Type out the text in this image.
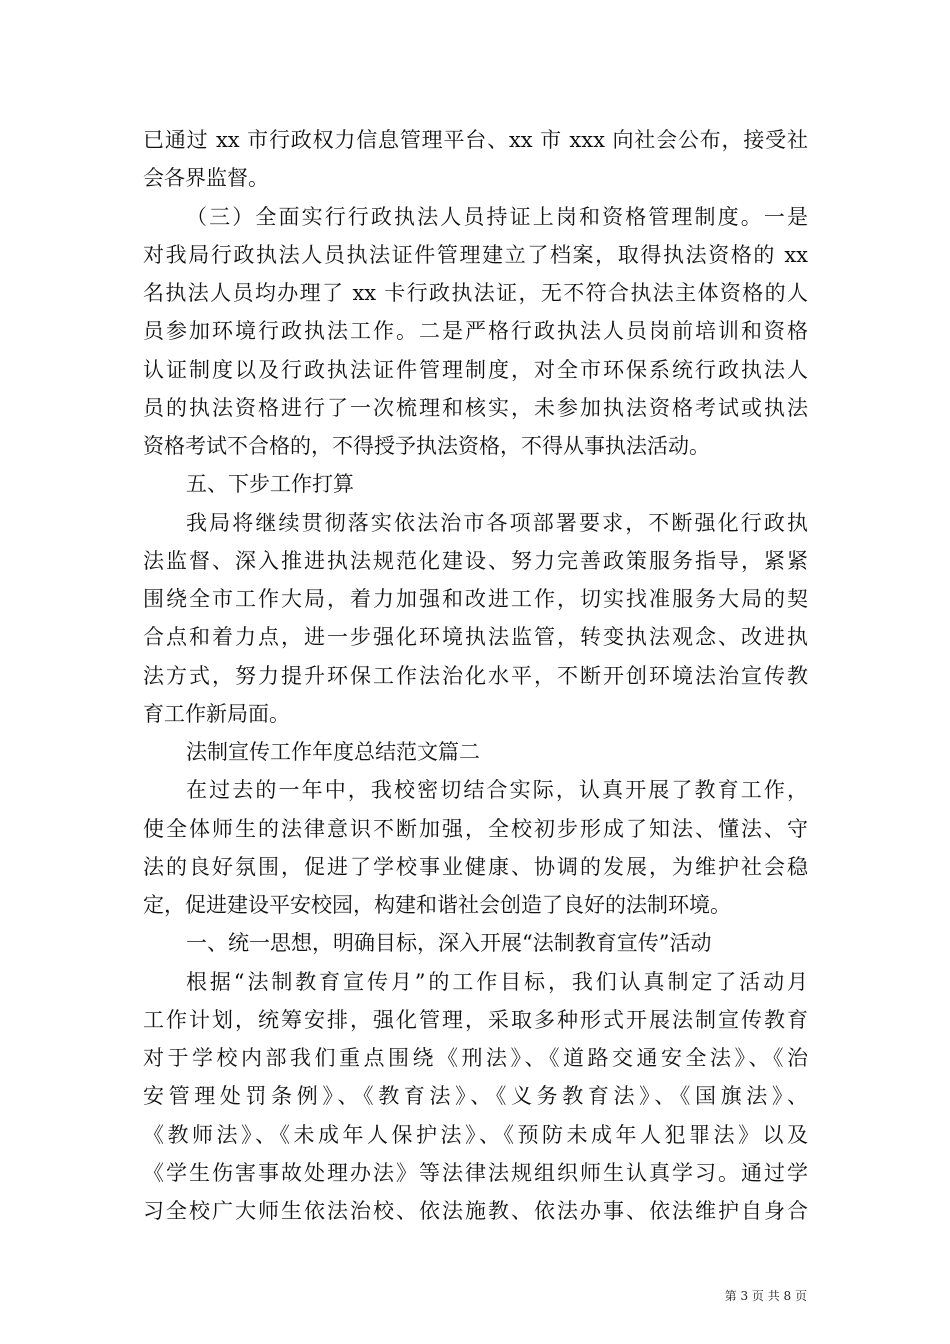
已通过 xx 市行政权力信息管理平台、xx 市 xxx 向社会公布，接受社
会各界监督。
（三）全面实行行政执法人员持证上岗和资格管理制度。一是
对我局行政执法人员执法证件管理建立了档案，取得执法资格的 xx
名执法人员均办理了 xx 卡行政执法证，无不符合执法主体资格的人
员参加环境行政执法工作。二是严格行政执法人员岗前培训和资格
认证制度以及行政执法证件管理制度，对全市环保系统行政执法人
员的执法资格进行了一次梳理和核实，未参加执法资格考试或执法
资格考试不合格的，不得授予执法资格，不得从事执法活动。
五、下步工作打算
我局将继续贯彻落实依法治市各项部署要求，不断强化行政执
法监督、深入推进执法规范化建设、努力完善政策服务指导，紧紧
围绕全市工作大局，着力加强和改进工作，切实找准服务大局的契
合点和着力点，进一步强化环境执法监管，转变执法观念、改进执
法方式，努力提升环保工作法治化水平，不断开创环境法治宣传教
育工作新局面。
法制宣传工作年度总结范文篇二
在过去的一年中，我校密切结合实际，认真开展了教育工作，
使全体师生的法律意识不断加强，全校初步形成了知法、懂法、守
法的良好氛围，促进了学校事业健康、协调的发展，为维护社会稳
定，促进建设平安校园，构建和谐社会创造了良好的法制环境。
一、统一思想，明确目标，深入开展“法制教育宣传”活动
根据“法制教育宣传月”的工作目标，我们认真制定了活动月
工作计划，统筹安排，强化管理，采取多种形式开展法制宣传教育
对于学校内部我们重点围绕《刑法》、《道路交通安全法》、《治
安管理处罚条例》、《教育法》、《义务教育法》、《国旗法》、
《教师法》、《未成年人保护法》、《预防未成年人犯罪法》以及
《学生伤害事故处理办法》等法律法规组织师生认真学习。通过学
习全校广大师生依法治校、依法施教、依法办事、依法维护自身合
第 3 页 共 8 页
